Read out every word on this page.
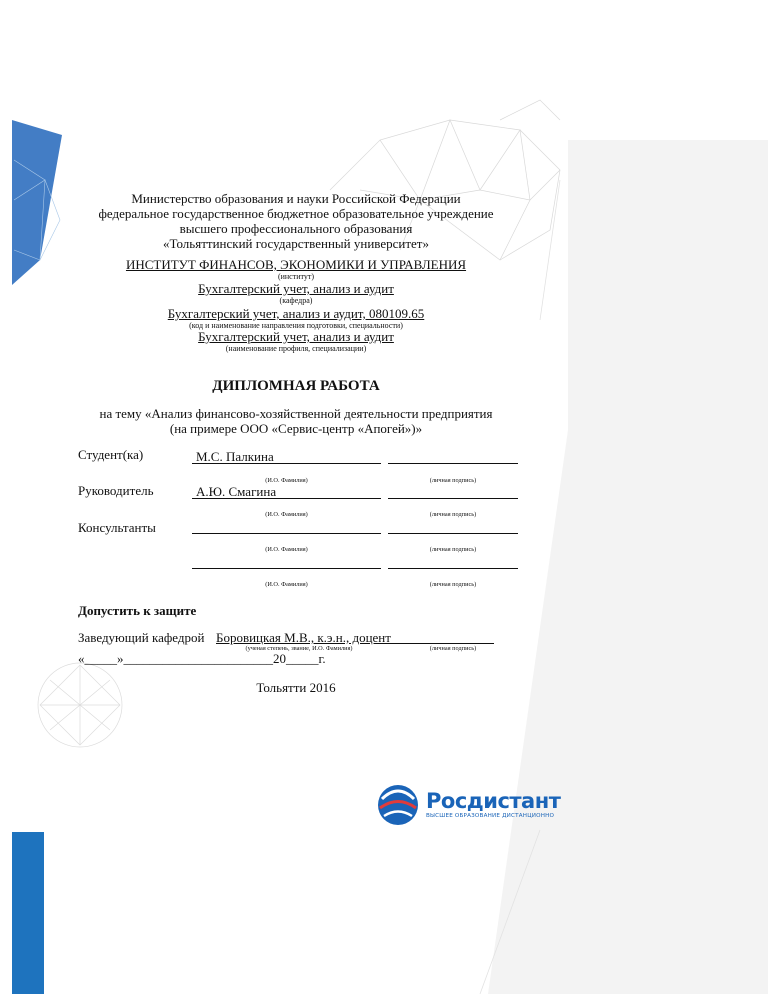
Министерство образования и науки Российской Федерации
федеральное государственное бюджетное образовательное учреждение
высшего профессионального образования
«Тольяттинский государственный университет»
ИНСТИТУТ ФИНАНСОВ, ЭКОНОМИКИ И УПРАВЛЕНИЯ
(институт)
Бухгалтерский учет, анализ и аудит
(кафедра)
Бухгалтерский учет, анализ и аудит, 080109.65
(код и наименование направления подготовки, специальности)
Бухгалтерский учет, анализ и аудит
(наименование профиля, специализации)
ДИПЛОМНАЯ РАБОТА
на тему «Анализ финансово-хозяйственной деятельности предприятия
(на примере ООО «Сервис-центр «Апогей»)»
Студент(ка)	М.С. Палкина
(И.О. Фамилия)	(личная подпись)
Руководитель	А.Ю. Смагина
(И.О. Фамилия)	(личная подпись)
Консультанты
(И.О. Фамилия)	(личная подпись)
(И.О. Фамилия)	(личная подпись)
Допустить к защите
Заведующий кафедрой Боровицкая М.В., к.э.н., доцент
(ученая степень, звание, И.О. Фамилия)	(личная подпись)
«_____»_______________________20_____г.
Тольятти 2016
Росдистант
ВЫСШЕЕ ОБРАЗОВАНИЕ ДИСТАНЦИОННО
